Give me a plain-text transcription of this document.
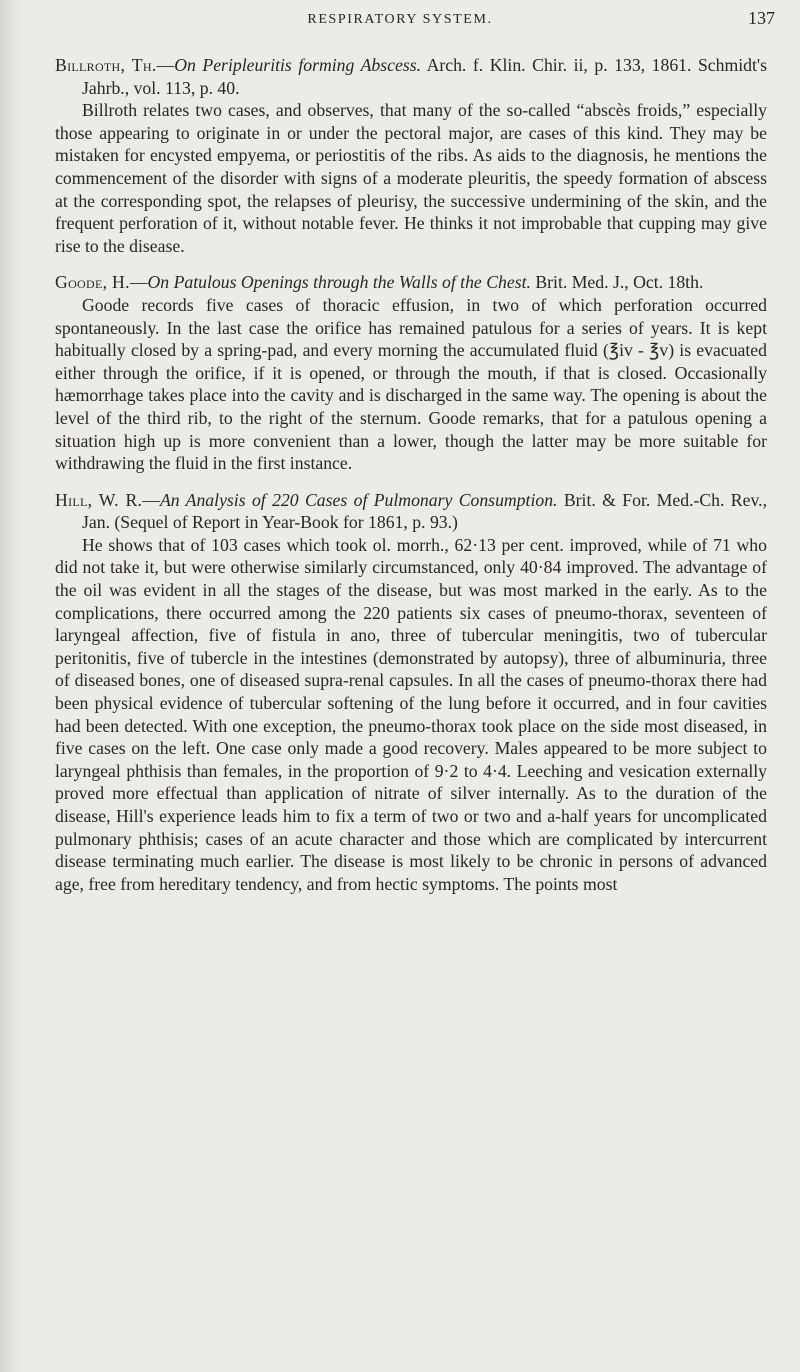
RESPIRATORY SYSTEM.	137
Billroth, Th.—On Peripleuritis forming Abscess. Arch. f. Klin. Chir. ii, p. 133, 1861. Schmidt's Jahrb., vol. 113, p. 40.
Billroth relates two cases, and observes, that many of the so-called “abscès froids,” especially those appearing to originate in or under the pectoral major, are cases of this kind. They may be mistaken for encysted empyema, or periostitis of the ribs. As aids to the diagnosis, he mentions the commencement of the disorder with signs of a moderate pleuritis, the speedy formation of abscess at the corresponding spot, the relapses of pleurisy, the successive undermining of the skin, and the frequent perforation of it, without notable fever. He thinks it not improbable that cupping may give rise to the disease.
Goode, H.—On Patulous Openings through the Walls of the Chest. Brit. Med. J., Oct. 18th.
Goode records five cases of thoracic effusion, in two of which perforation occurred spontaneously. In the last case the orifice has remained patulous for a series of years. It is kept habitually closed by a spring-pad, and every morning the accumulated fluid (℥iv - ℥v) is evacuated either through the orifice, if it is opened, or through the mouth, if that is closed. Occasionally hæmorrhage takes place into the cavity and is discharged in the same way. The opening is about the level of the third rib, to the right of the sternum. Goode remarks, that for a patulous opening a situation high up is more convenient than a lower, though the latter may be more suitable for withdrawing the fluid in the first instance.
Hill, W. R.—An Analysis of 220 Cases of Pulmonary Consumption. Brit. & For. Med.-Ch. Rev., Jan. (Sequel of Report in Year-Book for 1861, p. 93.)
He shows that of 103 cases which took ol. morrh., 62·13 per cent. improved, while of 71 who did not take it, but were otherwise similarly circumstanced, only 40·84 improved. The advantage of the oil was evident in all the stages of the disease, but was most marked in the early. As to the complications, there occurred among the 220 patients six cases of pneumo-thorax, seventeen of laryngeal affection, five of fistula in ano, three of tubercular meningitis, two of tubercular peritonitis, five of tubercle in the intestines (demonstrated by autopsy), three of albuminuria, three of diseased bones, one of diseased supra-renal capsules. In all the cases of pneumo-thorax there had been physical evidence of tubercular softening of the lung before it occurred, and in four cavities had been detected. With one exception, the pneumo-thorax took place on the side most diseased, in five cases on the left. One case only made a good recovery. Males appeared to be more subject to laryngeal phthisis than females, in the proportion of 9·2 to 4·4. Leeching and vesication externally proved more effectual than application of nitrate of silver internally. As to the duration of the disease, Hill's experience leads him to fix a term of two or two and a-half years for uncomplicated pulmonary phthisis; cases of an acute character and those which are complicated by intercurrent disease terminating much earlier. The disease is most likely to be chronic in persons of advanced age, free from hereditary tendency, and from hectic symptoms. The points most
